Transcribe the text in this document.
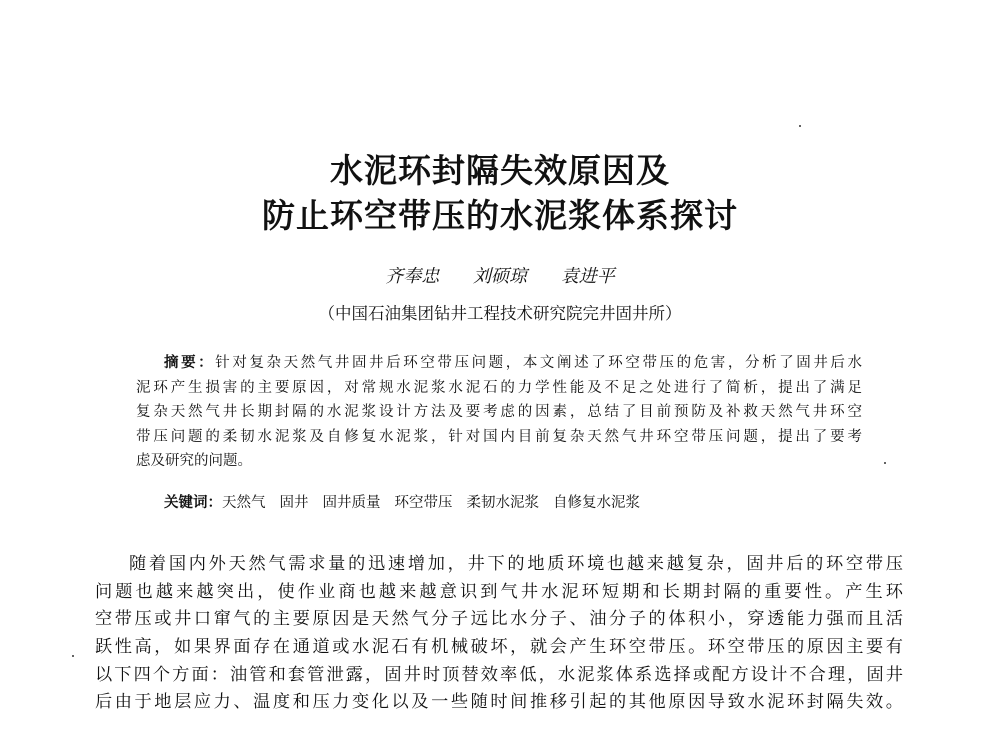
水泥环封隔失效原因及
防止环空带压的水泥浆体系探讨
齐奉忠 刘硕琼 袁进平
（中国石油集团钻井工程技术研究院完井固井所）
摘要：针对复杂天然气井固井后环空带压问题，本文阐述了环空带压的危害，分析了固井后水
泥环产生损害的主要原因，对常规水泥浆水泥石的力学性能及不足之处进行了简析，提出了满足
复杂天然气井长期封隔的水泥浆设计方法及要考虑的因素，总结了目前预防及补救天然气井环空
带压问题的柔韧水泥浆及自修复水泥浆，针对国内目前复杂天然气井环空带压问题，提出了要考
虑及研究的问题。
关键词：天然气 固井 固井质量 环空带压 柔韧水泥浆 自修复水泥浆
随着国内外天然气需求量的迅速增加，井下的地质环境也越来越复杂，固井后的环空带压
问题也越来越突出，使作业商也越来越意识到气井水泥环短期和长期封隔的重要性。产生环
空带压或井口窜气的主要原因是天然气分子远比水分子、油分子的体积小，穿透能力强而且活
跃性高，如果界面存在通道或水泥石有机械破坏，就会产生环空带压。环空带压的原因主要有
以下四个方面：油管和套管泄露，固井时顶替效率低，水泥浆体系选择或配方设计不合理，固井
后由于地层应力、温度和压力变化以及一些随时间推移引起的其他原因导致水泥环封隔失效。
